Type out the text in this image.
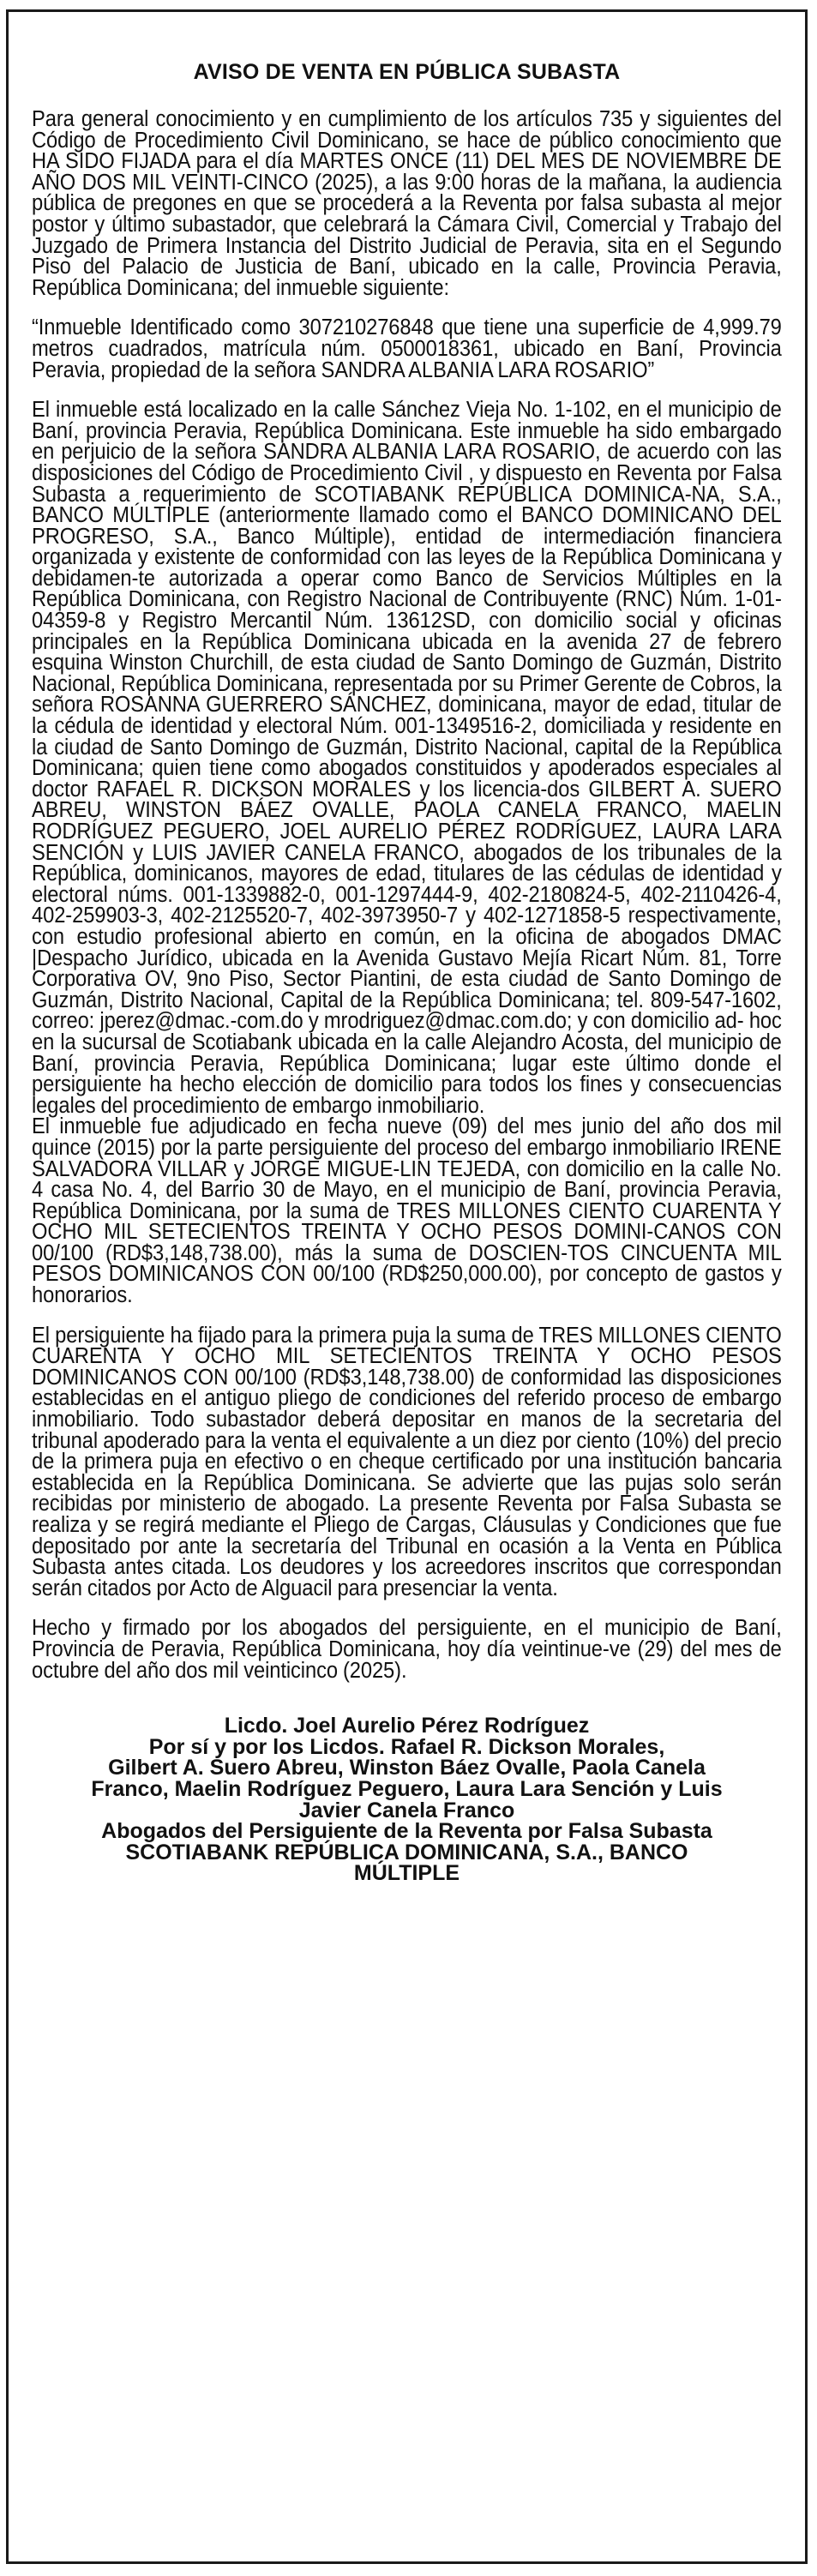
AVISO DE VENTA EN PÚBLICA SUBASTA

Para general conocimiento y en cumplimiento de los artículos 735 y siguientes del Código de Procedimiento Civil Dominicano, se hace de público conocimiento que HA SIDO FIJADA para el día MARTES ONCE (11) DEL MES DE NOVIEMBRE DE AÑO DOS MIL VEINTI-CINCO (2025), a las 9:00 horas de la mañana, la audiencia pública de pregones en que se procederá a la Reventa por falsa subasta al mejor postor y último subastador, que celebrará la Cámara Civil, Comercial y Trabajo del Juzgado de Primera Instancia del Distrito Judicial de Peravia, sita en el Segundo Piso del Palacio de Justicia de Baní, ubicado en la calle, Provincia Peravia, República Dominicana; del inmueble siguiente:

“Inmueble Identificado como 307210276848 que tiene una superficie de 4,999.79 metros cuadrados, matrícula núm. 0500018361, ubicado en Baní, Provincia Peravia, propiedad de la señora SANDRA ALBANIA LARA ROSARIO”

El inmueble está localizado en la calle Sánchez Vieja No. 1-102, en el municipio de Baní, provincia Peravia, República Dominicana. Este inmueble ha sido embargado en perjuicio de la señora SANDRA ALBANIA LARA ROSARIO, de acuerdo con las disposiciones del Código de Procedimiento Civil , y dispuesto en Reventa por Falsa Subasta a requerimiento de SCOTIABANK REPÚBLICA DOMINICA-NA, S.A., BANCO MÚLTIPLE (anteriormente llamado como el BANCO DOMINICANO DEL PROGRESO, S.A., Banco Múltiple), entidad de intermediación financiera organizada y existente de conformidad con las leyes de la República Dominicana y debidamen-te autorizada a operar como Banco de Servicios Múltiples en la República Dominicana, con Registro Nacional de Contribuyente (RNC) Núm. 1-01-04359-8 y Registro Mercantil Núm. 13612SD, con domicilio social y oficinas principales en la República Dominicana ubicada en la avenida 27 de febrero esquina Winston Churchill, de esta ciudad de Santo Domingo de Guzmán, Distrito Nacional, República Dominicana, representada por su Primer Gerente de Cobros, la señora ROSANNA GUERRERO SÁNCHEZ, dominicana, mayor de edad, titular de la cédula de identidad y electoral Núm. 001-1349516-2, domiciliada y residente en la ciudad de Santo Domingo de Guzmán, Distrito Nacional, capital de la República Dominicana; quien tiene como abogados constituidos y apoderados especiales al doctor RAFAEL R. DICKSON MORALES y los licencia-dos GILBERT A. SUERO ABREU, WINSTON BÁEZ OVALLE, PAOLA CANELA FRANCO, MAELIN RODRÍGUEZ PEGUERO, JOEL AURELIO PÉREZ RODRÍGUEZ, LAURA LARA SENCIÓN y LUIS JAVIER CANELA FRANCO, abogados de los tribunales de la República, dominicanos, mayores de edad, titulares de las cédulas de identidad y electoral núms. 001-1339882-0, 001-1297444-9, 402-2180824-5, 402-2110426-4, 402-259903-3, 402-2125520-7, 402-3973950-7 y 402-1271858-5 respectivamente, con estudio profesional abierto en común, en la oficina de abogados DMAC |Despacho Jurídico, ubicada en la Avenida Gustavo Mejía Ricart Núm. 81, Torre Corporativa OV, 9no Piso, Sector Piantini, de esta ciudad de Santo Domingo de Guzmán, Distrito Nacional, Capital de la República Dominicana; tel. 809-547-1602, correo: jperez@dmac.-com.do y mrodriguez@dmac.com.do; y con domicilio ad- hoc en la sucursal de Scotiabank ubicada en la calle Alejandro Acosta, del municipio de Baní, provincia Peravia, República Dominicana; lugar este último donde el persiguiente ha hecho elección de domicilio para todos los fines y consecuencias legales del procedimiento de embargo inmobiliario.

El inmueble fue adjudicado en fecha nueve (09) del mes junio del año dos mil quince (2015) por la parte persiguiente del proceso del embargo inmobiliario IRENE SALVADORA VILLAR y JORGE MIGUE-LIN TEJEDA, con domicilio en la calle No. 4 casa No. 4, del Barrio 30 de Mayo, en el municipio de Baní, provincia Peravia, República Dominicana, por la suma de TRES MILLONES CIENTO CUARENTA Y OCHO MIL SETECIENTOS TREINTA Y OCHO PESOS DOMINI-CANOS CON 00/100 (RD$3,148,738.00), más la suma de DOSCIEN-TOS CINCUENTA MIL PESOS DOMINICANOS CON 00/100 (RD$250,000.00), por concepto de gastos y honorarios.

El persiguiente ha fijado para la primera puja la suma de TRES MILLONES CIENTO CUARENTA Y OCHO MIL SETECIENTOS TREINTA Y OCHO PESOS DOMINICANOS CON 00/100 (RD$3,148,738.00) de conformidad las disposiciones establecidas en el antiguo pliego de condiciones del referido proceso de embargo inmobiliario. Todo subastador deberá depositar en manos de la secretaria del tribunal apoderado para la venta el equivalente a un diez por ciento (10%) del precio de la primera puja en efectivo o en cheque certificado por una institución bancaria establecida en la República Dominicana. Se advierte que las pujas solo serán recibidas por ministerio de abogado. La presente Reventa por Falsa Subasta se realiza y se regirá mediante el Pliego de Cargas, Cláusulas y Condiciones que fue depositado por ante la secretaría del Tribunal en ocasión a la Venta en Pública Subasta antes citada. Los deudores y los acreedores inscritos que correspondan serán citados por Acto de Alguacil para presenciar la venta.

Hecho y firmado por los abogados del persiguiente, en el municipio de Baní, Provincia de Peravia, República Dominicana, hoy día veintinue-ve (29) del mes de octubre del año dos mil veinticinco (2025).

Licdo. Joel Aurelio Pérez Rodríguez
Por sí y por los Licdos. Rafael R. Dickson Morales,
Gilbert A. Suero Abreu, Winston Báez Ovalle, Paola Canela
Franco, Maelin Rodríguez Peguero, Laura Lara Sención y Luis
Javier Canela Franco
Abogados del Persiguiente de la Reventa por Falsa Subasta
SCOTIABANK REPÚBLICA DOMINICANA, S.A., BANCO
MÚLTIPLE
